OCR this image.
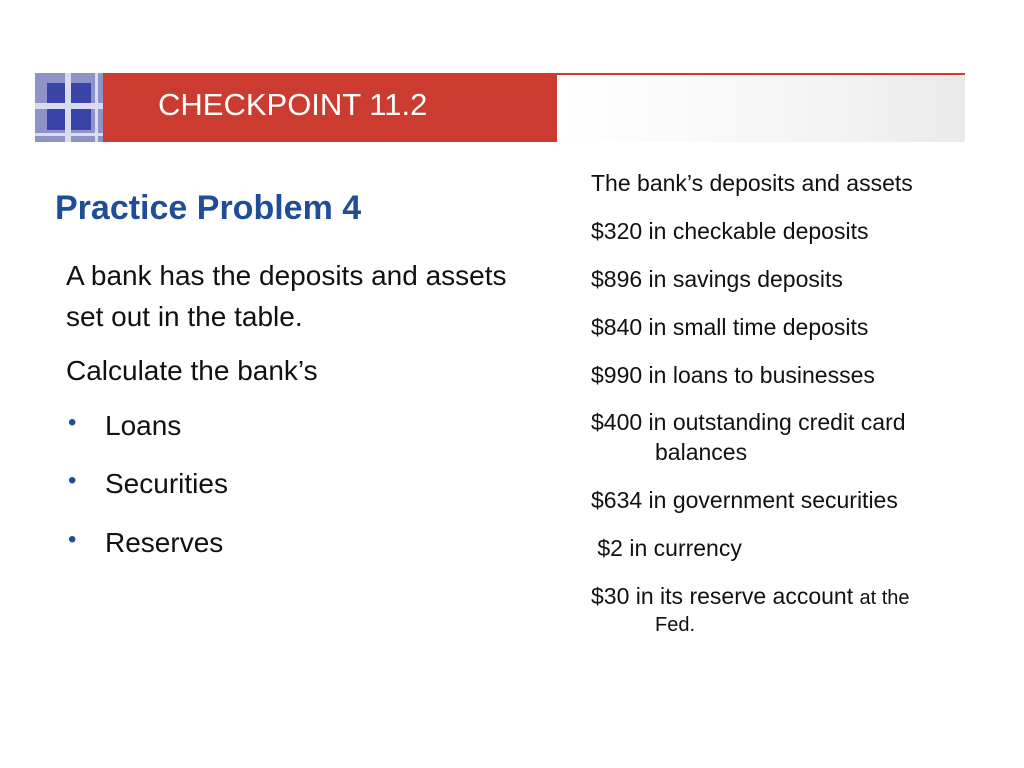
CHECKPOINT 11.2
Practice Problem 4

A bank has the deposits and assets set out in the table.

Calculate the bank’s

• Loans
• Securities
• Reserves
The bank’s deposits and assets
$320 in checkable deposits
$896 in savings deposits
$840 in small time deposits
$990 in loans to businesses
$400 in outstanding credit card
balances
$634 in government securities
$2 in currency
$30 in its reserve account at the
Fed.
